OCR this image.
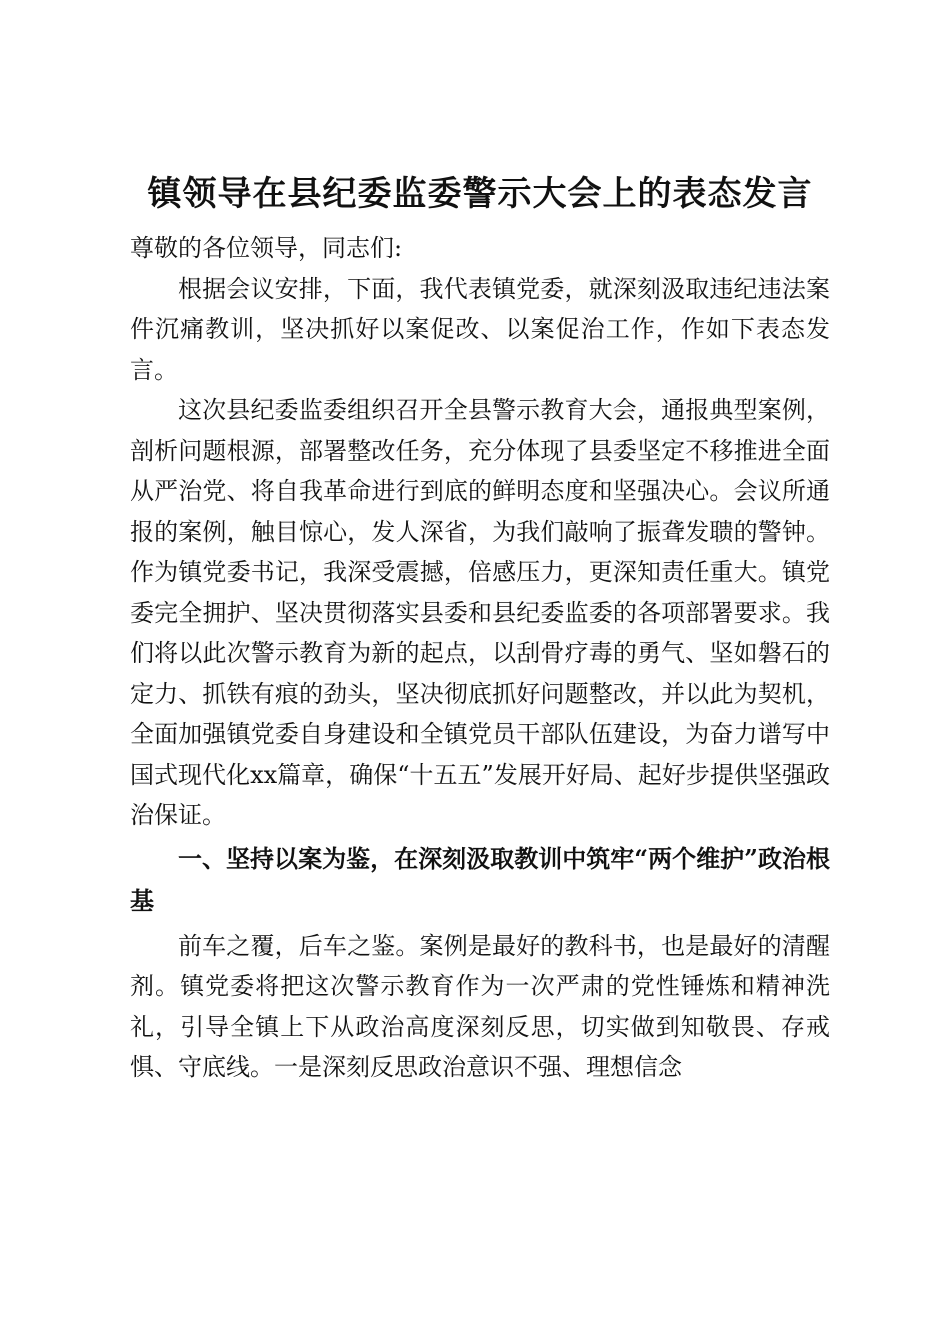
镇领导在县纪委监委警示大会上的表态发言

尊敬的各位领导，同志们:

根据会议安排，下面，我代表镇党委，就深刻汲取违纪违法案件沉痛教训，坚决抓好以案促改、以案促治工作，作如下表态发言。

这次县纪委监委组织召开全县警示教育大会，通报典型案例，剖析问题根源，部署整改任务，充分体现了县委坚定不移推进全面从严治党、将自我革命进行到底的鲜明态度和坚强决心。会议所通报的案例，触目惊心，发人深省，为我们敲响了振聋发聩的警钟。作为镇党委书记，我深受震撼，倍感压力，更深知责任重大。镇党委完全拥护、坚决贯彻落实县委和县纪委监委的各项部署要求。我们将以此次警示教育为新的起点，以刮骨疗毒的勇气、坚如磐石的定力、抓铁有痕的劲头，坚决彻底抓好问题整改，并以此为契机，全面加强镇党委自身建设和全镇党员干部队伍建设，为奋力谱写中国式现代化xx篇章，确保“十五五”发展开好局、起好步提供坚强政治保证。

一、坚持以案为鉴，在深刻汲取教训中筑牢“两个维护”政治根基

前车之覆，后车之鉴。案例是最好的教科书，也是最好的清醒剂。镇党委将把这次警示教育作为一次严肃的党性锤炼和精神洗礼，引导全镇上下从政治高度深刻反思，切实做到知敬畏、存戒惧、守底线。一是深刻反思政治意识不强、理想信念
